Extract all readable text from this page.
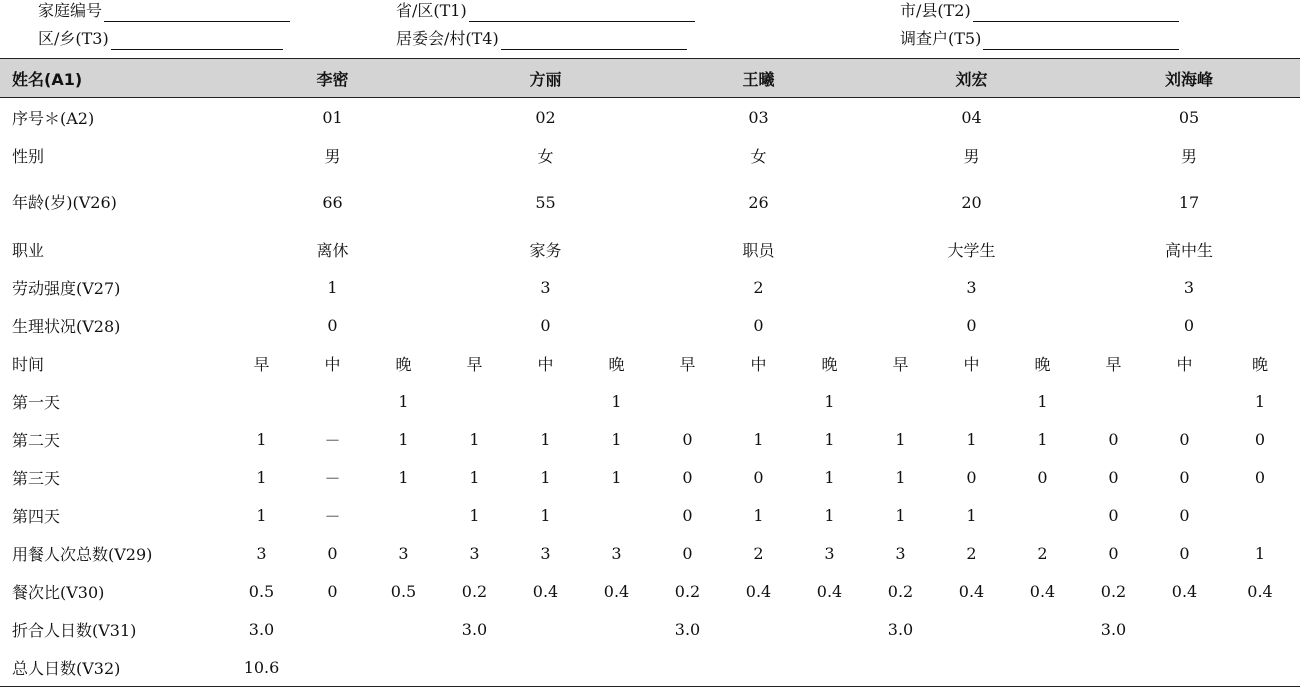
家庭编号	省/区(T1)	市/县(T2)
区/乡(T3)	居委会/村(T4)	调查户(T5)
姓名(A1)	李密			方丽			王曦			刘宏			刘海峰		
序号＊(A2)	01			02			03			04			05		
性别	男			女			女			男			男		
年龄(岁)(V26)	66			55			26			20			17		
职业	离休			家务			职员			大学生			高中生		
劳动强度(V27)	1			3			2			3			3		
生理状况(V28)	0			0			0			0			0		
时间	早	中	晚	早	中	晚	早	中	晚	早	中	晚	早	中	晚
第一天			1			1			1			1			1
第二天	1	－	1	1	1	1	0	1	1	1	1	1	0	0	0
第三天	1	－	1	1	1	1	0	0	1	1	0	0	0	0	0
第四天	1	－		1	1		0	1	1	1	1		0	0	
用餐人次总数(V29)	3	0	3	3	3	3	0	2	3	3	2	2	0	0	1
餐次比(V30)	0.5	0	0.5	0.2	0.4	0.4	0.2	0.4	0.4	0.2	0.4	0.4	0.2	0.4	0.4
折合人日数(V31)	3.0			3.0			3.0			3.0			3.0		
总人日数(V32)	10.6														
